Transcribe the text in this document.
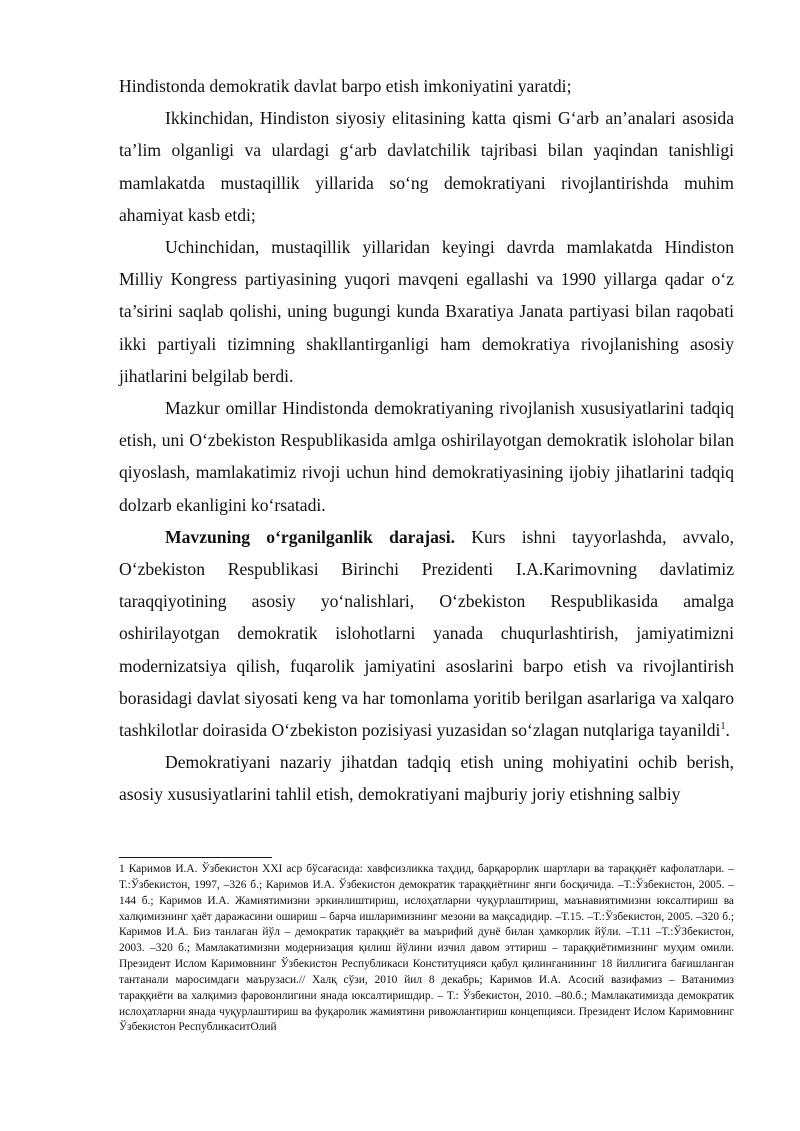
Hindistonda demokratik davlat barpo etish imkoniyatini yaratdi;

Ikkinchidan, Hindiston siyosiy elitasining katta qismi G‘arb an’analari asosida ta’lim olganligi va ulardagi g‘arb davlatchilik tajribasi bilan yaqindan tanishligi mamlakatda mustaqillik yillarida so‘ng demokratiyani rivojlantirishda muhim ahamiyat kasb etdi;

Uchinchidan, mustaqillik yillaridan keyingi davrda mamlakatda Hindiston Milliy Kongress partiyasining yuqori mavqeni egallashi va 1990 yillarga qadar o‘z ta’sirini saqlab qolishi, uning bugungi kunda Bxaratiya Janata partiyasi bilan raqobati ikki partiyali tizimning shakllantirganligi ham demokratiya rivojlanishing asosiy jihatlarini belgilab berdi.

Mazkur omillar Hindistonda demokratiyaning rivojlanish xususiyatlarini tadqiq etish, uni O‘zbekiston Respublikasida amlga oshirilayotgan demokratik isloholar bilan qiyoslash, mamlakatimiz rivoji uchun hind demokratiyasining ijobiy jihatlarini tadqiq dolzarb ekanligini ko‘rsatadi.

Mavzuning o‘rganilganlik darajasi. Kurs ishni tayyorlashda, avvalo, O‘zbekiston Respublikasi Birinchi Prezidenti I.A.Karimovning davlatimiz taraqqiyotining asosiy yo‘nalishlari, O‘zbekiston Respublikasida amalga oshirilayotgan demokratik islohotlarni yanada chuqurlashtirish, jamiyatimizni modernizatsiya qilish, fuqarolik jamiyatini asoslarini barpo etish va rivojlantirish borasidagi davlat siyosati keng va har tomonlama yoritib berilgan asarlariga va xalqaro tashkilotlar doirasida O‘zbekiston pozisiyasi yuzasidan so‘zlagan nutqlariga tayanildi$^1$.

Demokratiyani nazariy jihatdan tadqiq etish uning mohiyatini ochib berish, asosiy xususiyatlarini tahlil etish, demokratiyani majburiy joriy etishning salbiy

1 Каримов И.А. Ўзбекистон XXI аср бўсағасида: хавфсизликка таҳдид, барқарорлик шартлари ва тараққиёт кафолатлари. –Т.:Ўзбекистон, 1997, –326 б.; Каримов И.А. Ўзбекистон демократик тараққиётнинг янги босқичида. –Т.:Ўзбекистон, 2005. –144 б.; Каримов И.А. Жамиятимизни эркинлиштириш, ислоҳатларни чуқурлаштириш, маънавиятимизни юксалтириш ва халқимизнинг ҳаёт даражасини ошириш – барча ишларимизнинг мезони ва мақсадидир. –Т.15. –Т.:Ўзбекистон, 2005. –320 б.; Каримов И.А. Биз танлаган йўл – демократик тараққиёт ва маърифий дунё билан ҳамкорлик йўли. –Т.11 –Т.:ЎЗбекистон, 2003. –320 б.; Мамлакатимизни модернизация қилиш йўлини изчил давом эттириш – тараққиётимизнинг муҳим омили. Президент Ислом Каримовнинг Ўзбекистон Республикаси Конституцияси қабул қилинганининг 18 йиллигига бағишланган тантанали маросимдаги маърузаси.// Халқ сўзи, 2010 йил 8 декабрь; Каримов И.А. Асосий вазифамиз – Ватанимиз тараққиёти ва халқимиз фаровонлигини янада юксалтиришдир. – Т.: Ўзбекистон, 2010. –80.б.; Мамлакатимизда демократик ислоҳатларни янада чуқурлаштириш ва фуқаролик жамиятини ривожлантириш концепцияси. Президент Ислом Каримовнинг Ўзбекистон РеспубликаситОлий
